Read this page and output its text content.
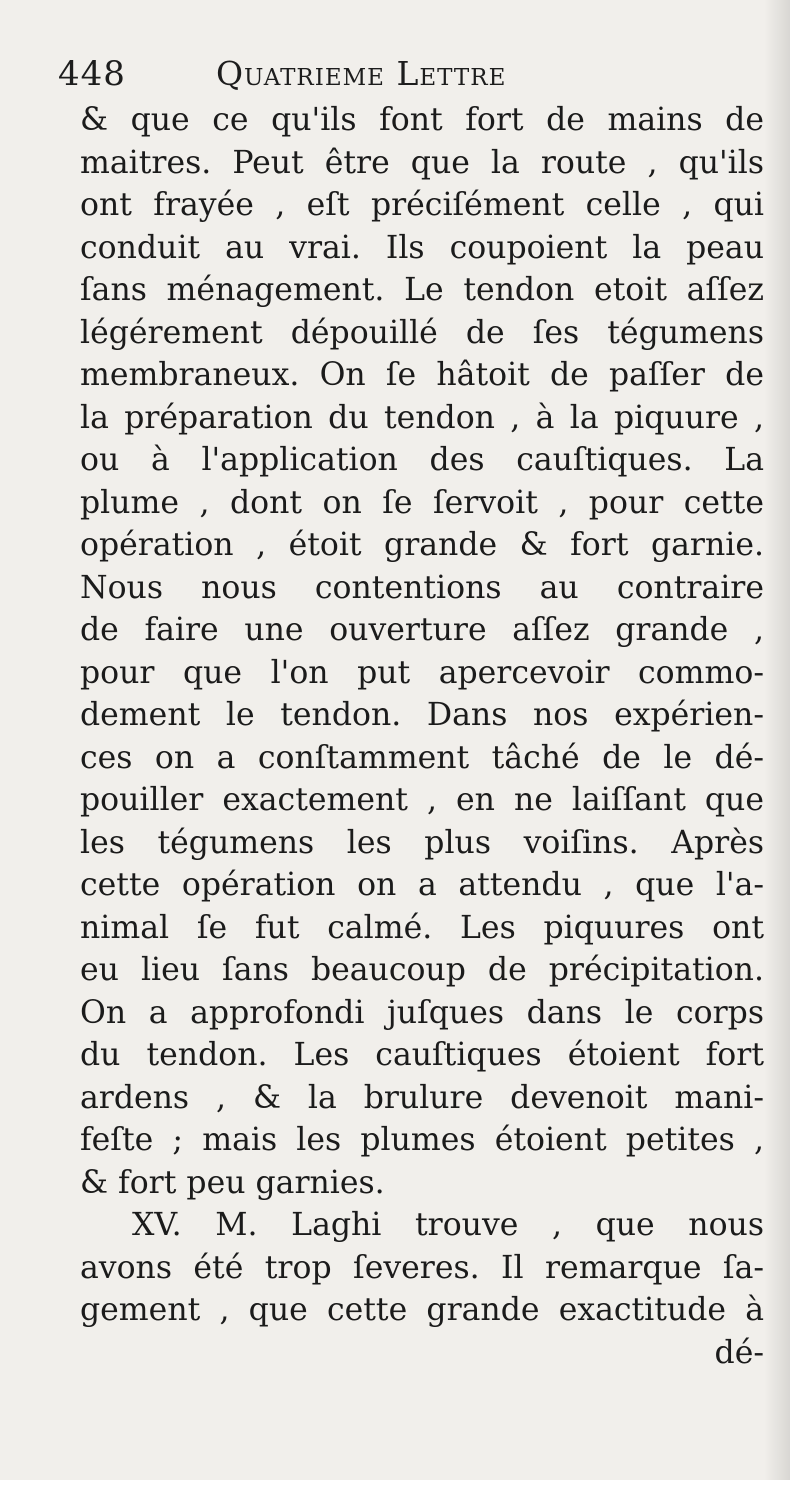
448	Quatrieme Lettre
& que ce qu'ils font fort de mains de
maitres. Peut être que la route , qu'ils
ont frayée , eſt préciſément celle , qui
conduit au vrai. Ils coupoient la peau
ſans ménagement. Le tendon etoit aſſez
légérement dépouillé de ſes tégumens
membraneux. On ſe hâtoit de paſſer de
la préparation du tendon , à la piquure ,
ou à l'application des cauſtiques. La
plume , dont on ſe ſervoit , pour cette
opération , étoit grande & fort garnie.
Nous nous contentions au contraire
de faire une ouverture aſſez grande ,
pour que l'on put apercevoir commo-
dement le tendon. Dans nos expérien-
ces on a conſtamment tâché de le dé-
pouiller exactement , en ne laiſſant que
les tégumens les plus voiſins. Après
cette opération on a attendu , que l'a-
nimal ſe fut calmé. Les piquures ont
eu lieu ſans beaucoup de précipitation.
On a approfondi juſques dans le corps
du tendon. Les cauſtiques étoient fort
ardens , & la brulure devenoit mani-
feſte ; mais les plumes étoient petites ,
& fort peu garnies.
XV. M. Laghi trouve , que nous
avons été trop ſeveres. Il remarque ſa-
gement , que cette grande exactitude à
dé-
